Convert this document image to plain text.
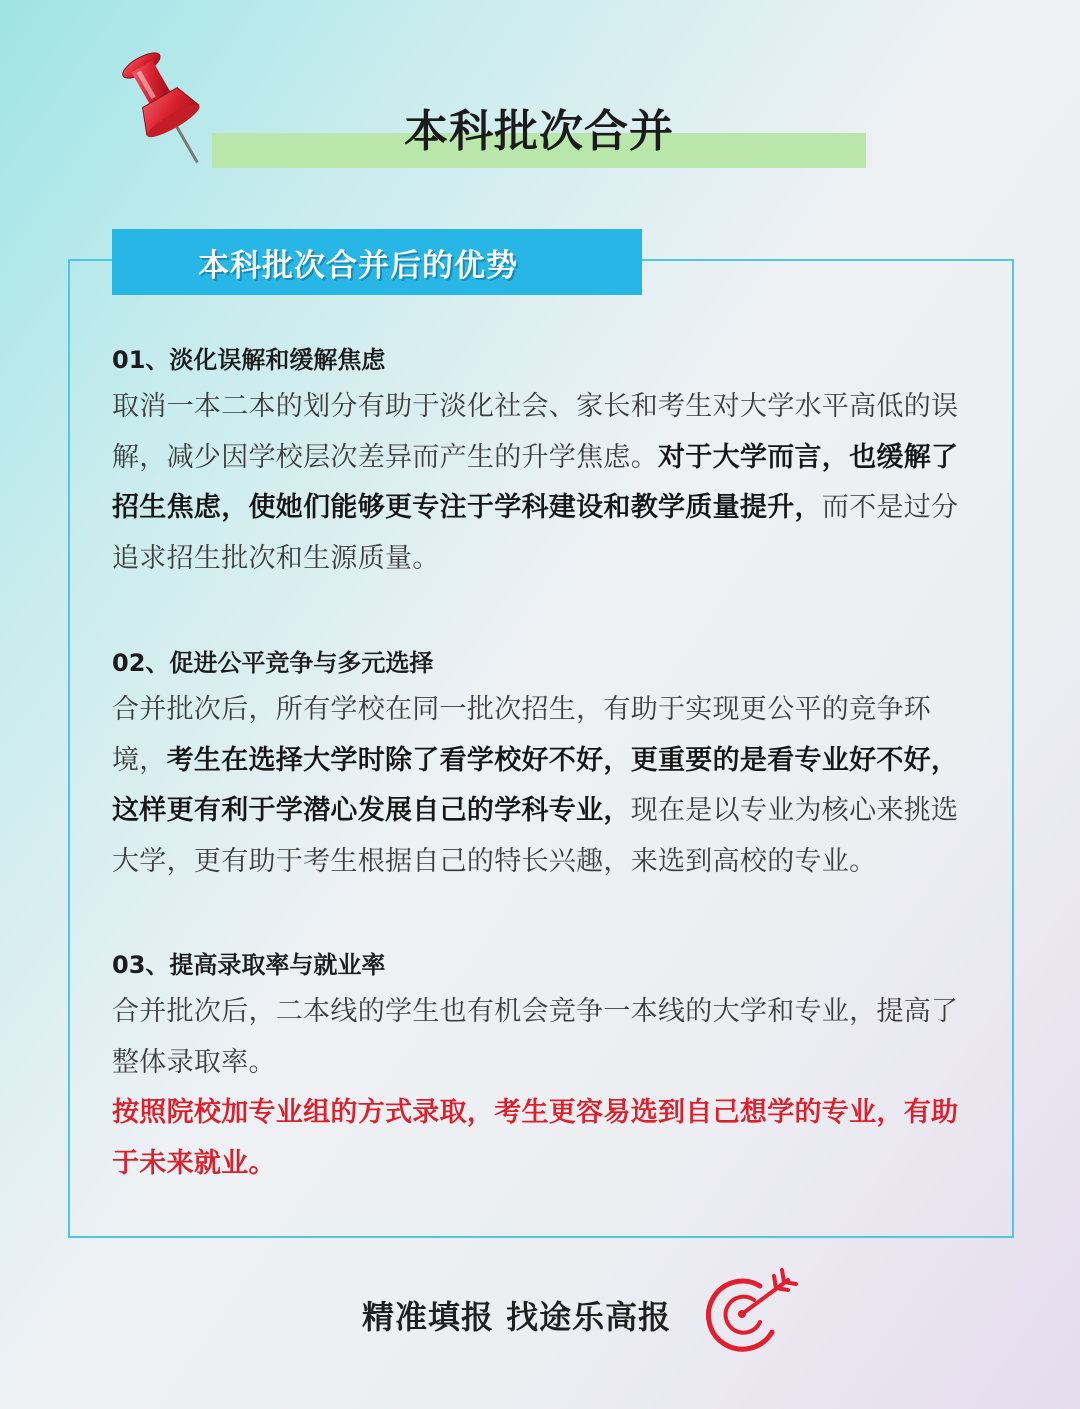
本科批次合并
本科批次合并后的优势
01、淡化误解和缓解焦虑

取消一本二本的划分有助于淡化社会、家长和考生对大学水平高低的误解，减少因学校层次差异而产生的升学焦虑。对于大学而言，也缓解了招生焦虑，使她们能够更专注于学科建设和教学质量提升，而不是过分追求招生批次和生源质量。

02、促进公平竞争与多元选择

合并批次后，所有学校在同一批次招生，有助于实现更公平的竞争环境，考生在选择大学时除了看学校好不好，更重要的是看专业好不好，这样更有利于学潜心发展自己的学科专业，现在是以专业为核心来挑选大学，更有助于考生根据自己的特长兴趣，来选到高校的专业。

03、提高录取率与就业率

合并批次后，二本线的学生也有机会竞争一本线的大学和专业，提高了整体录取率。
按照院校加专业组的方式录取，考生更容易选到自己想学的专业，有助于未来就业。

精准填报 找途乐高报
